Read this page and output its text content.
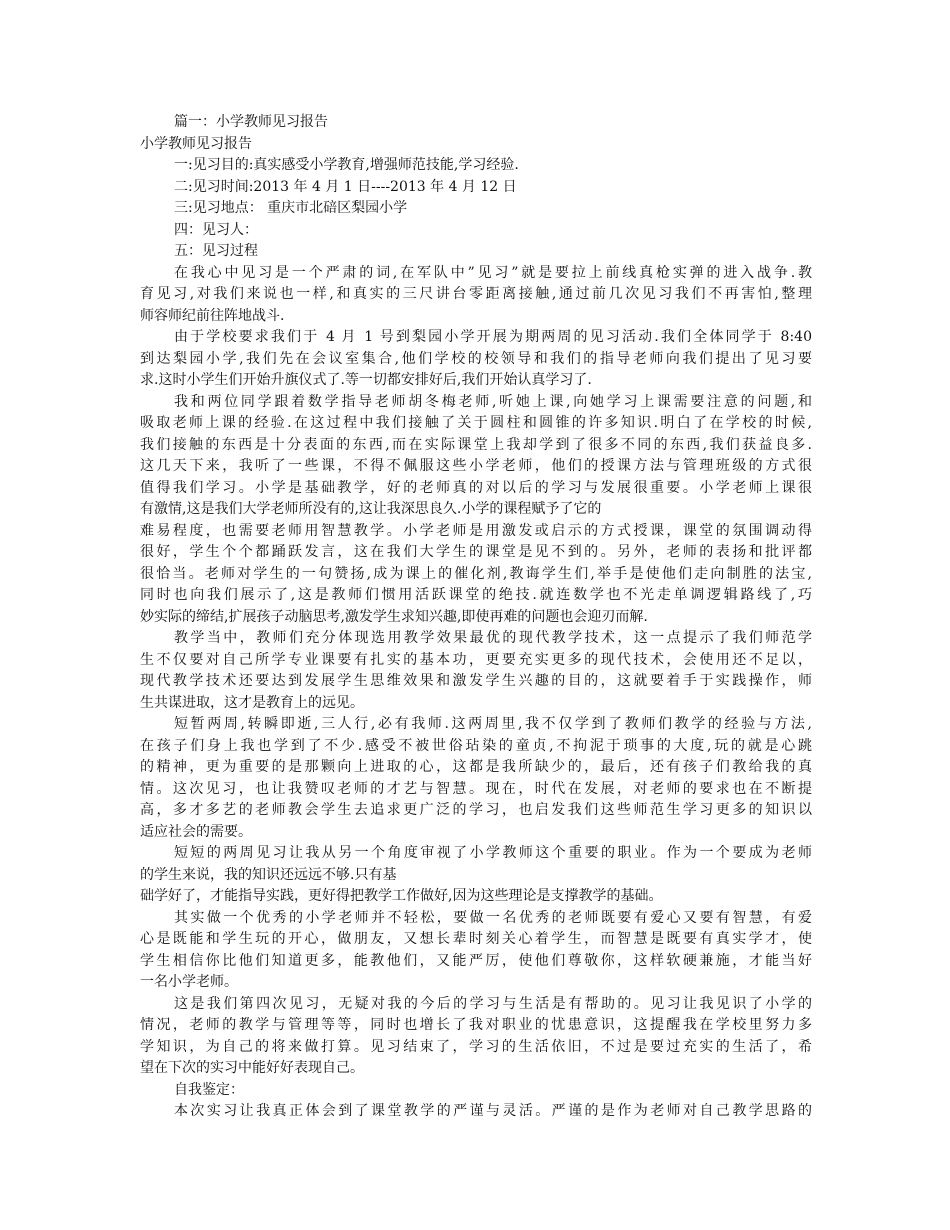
篇一：小学教师见习报告
小学教师见习报告
一:见习目的:真实感受小学教育,增强师范技能,学习经验.
二:见习时间:2013 年 4 月 1 日----2013 年 4 月 12 日
三:见习地点： 重庆市北碚区梨园小学
四：见习人：
五：见习过程
在我心中见习是一个严肃的词,在军队中”见习”就是要拉上前线真枪实弹的进入战争.教
育见习,对我们来说也一样,和真实的三尺讲台零距离接触,通过前几次见习我们不再害怕,整理
师容师纪前往阵地战斗.
由于学校要求我们于 4 月 1 号到梨园小学开展为期两周的见习活动.我们全体同学于 8:40
到达梨园小学,我们先在会议室集合,他们学校的校领导和我们的指导老师向我们提出了见习要
求.这时小学生们开始升旗仪式了.等一切都安排好后,我们开始认真学习了.
我和两位同学跟着数学指导老师胡冬梅老师,听她上课,向她学习上课需要注意的问题,和
吸取老师上课的经验.在这过程中我们接触了关于圆柱和圆锥的许多知识.明白了在学校的时候,
我们接触的东西是十分表面的东西,而在实际课堂上我却学到了很多不同的东西,我们获益良多.
这几天下来，我听了一些课，不得不佩服这些小学老师，他们的授课方法与管理班级的方式很
值得我们学习。小学是基础教学，好的老师真的对以后的学习与发展很重要。小学老师上课很
有激情,这是我们大学老师所没有的,这让我深思良久.小学的课程赋予了它的
难易程度，也需要老师用智慧教学。小学老师是用激发或启示的方式授课，课堂的氛围调动得
很好，学生个个都踊跃发言，这在我们大学生的课堂是见不到的。另外，老师的表扬和批评都
很恰当。老师对学生的一句赞扬,成为课上的催化剂,教诲学生们,举手是使他们走向制胜的法宝,
同时也向我们展示了,这是教师们惯用活跃课堂的绝技.就连数学也不光走单调逻辑路线了,巧
妙实际的缔结,扩展孩子动脑思考,激发学生求知兴趣,即使再难的问题也会迎刃而解.
教学当中，教师们充分体现选用教学效果最优的现代教学技术，这一点提示了我们师范学
生不仅要对自己所学专业课要有扎实的基本功，更要充实更多的现代技术，会使用还不足以，
现代教学技术还要达到发展学生思维效果和激发学生兴趣的目的，这就要着手于实践操作，师
生共谋进取，这才是教育上的远见。
短暂两周,转瞬即逝,三人行,必有我师.这两周里,我不仅学到了教师们教学的经验与方法,
在孩子们身上我也学到了不少.感受不被世俗玷染的童贞,不拘泥于琐事的大度,玩的就是心跳
的精神，更为重要的是那颗向上进取的心，这都是我所缺少的，最后，还有孩子们教给我的真
情。这次见习，也让我赞叹老师的才艺与智慧。现在，时代在发展，对老师的要求也在不断提
高，多才多艺的老师教会学生去追求更广泛的学习，也启发我们这些师范生学习更多的知识以
适应社会的需要。
短短的两周见习让我从另一个角度审视了小学教师这个重要的职业。作为一个要成为老师
的学生来说，我的知识还远远不够.只有基
础学好了，才能指导实践，更好得把教学工作做好,因为这些理论是支撑教学的基础。
其实做一个优秀的小学老师并不轻松，要做一名优秀的老师既要有爱心又要有智慧，有爱
心是既能和学生玩的开心，做朋友，又想长辈时刻关心着学生，而智慧是既要有真实学才，使
学生相信你比他们知道更多，能教他们，又能严厉，使他们尊敬你，这样软硬兼施，才能当好
一名小学老师。
这是我们第四次见习，无疑对我的今后的学习与生活是有帮助的。见习让我见识了小学的
情况，老师的教学与管理等等，同时也增长了我对职业的忧患意识，这提醒我在学校里努力多
学知识，为自己的将来做打算。见习结束了，学习的生活依旧，不过是要过充实的生活了，希
望在下次的实习中能好好表现自己。
自我鉴定：
本次实习让我真正体会到了课堂教学的严谨与灵活。严谨的是作为老师对自己教学思路的
